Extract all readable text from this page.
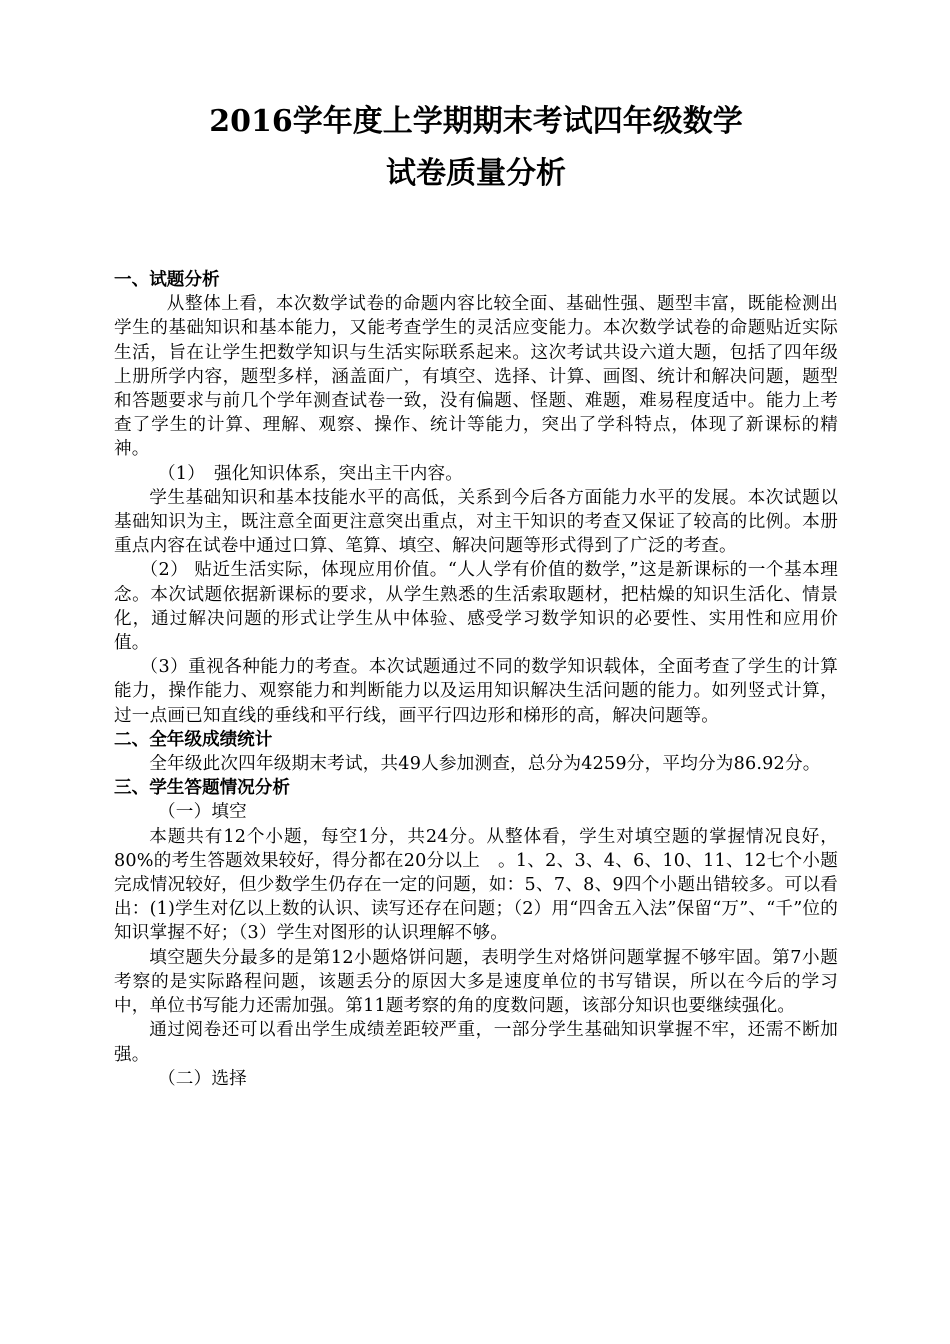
2016学年度上学期期末考试四年级数学

试卷质量分析

一、试题分析

从整体上看，本次数学试卷的命题内容比较全面、基础性强、题型丰富，既能检测出学生的基础知识和基本能力，又能考查学生的灵活应变能力。本次数学试卷的命题贴近实际生活，旨在让学生把数学知识与生活实际联系起来。这次考试共设六道大题，包括了四年级上册所学内容，题型多样，涵盖面广，有填空、选择、计算、画图、统计和解决问题，题型和答题要求与前几个学年测查试卷一致，没有偏题、怪题、难题，难易程度适中。能力上考查了学生的计算、理解、观察、操作、统计等能力，突出了学科特点，体现了新课标的精神。

（1）　强化知识体系，突出主干内容。

学生基础知识和基本技能水平的高低，关系到今后各方面能力水平的发展。本次试题以基础知识为主，既注意全面更注意突出重点，对主干知识的考查又保证了较高的比例。本册重点内容在试卷中通过口算、笔算、填空、解决问题等形式得到了广泛的考查。

（2） 贴近生活实际，体现应用价值。“人人学有价值的数学，”这是新课标的一个基本理念。本次试题依据新课标的要求，从学生熟悉的生活索取题材，把枯燥的知识生活化、情景化，通过解决问题的形式让学生从中体验、感受学习数学知识的必要性、实用性和应用价值。

（3）重视各种能力的考查。本次试题通过不同的数学知识载体，全面考查了学生的计算能力，操作能力、观察能力和判断能力以及运用知识解决生活问题的能力。如列竖式计算，过一点画已知直线的垂线和平行线，画平行四边形和梯形的高，解决问题等。

二、全年级成绩统计

全年级此次四年级期末考试，共49人参加测查，总分为4259分，平均分为86.92分。

三、学生答题情况分析

（一）填空

本题共有12个小题，每空1分，共24分。从整体看，学生对填空题的掌握情况良好，80%的考生答题效果较好，得分都在20分以上　。1、2、3、4、6、10、11、12七个小题完成情况较好，但少数学生仍存在一定的问题，如：5、7、8、9四个小题出错较多。可以看出：(1)学生对亿以上数的认识、读写还存在问题；（2）用“四舍五入法”保留“万”、“千”位的知识掌握不好；（3）学生对图形的认识理解不够。

填空题失分最多的是第12小题烙饼问题，表明学生对烙饼问题掌握不够牢固。第7小题考察的是实际路程问题，该题丢分的原因大多是速度单位的书写错误，所以在今后的学习中，单位书写能力还需加强。第11题考察的角的度数问题，该部分知识也要继续强化。

通过阅卷还可以看出学生成绩差距较严重，一部分学生基础知识掌握不牢，还需不断加强。

（二）选择
